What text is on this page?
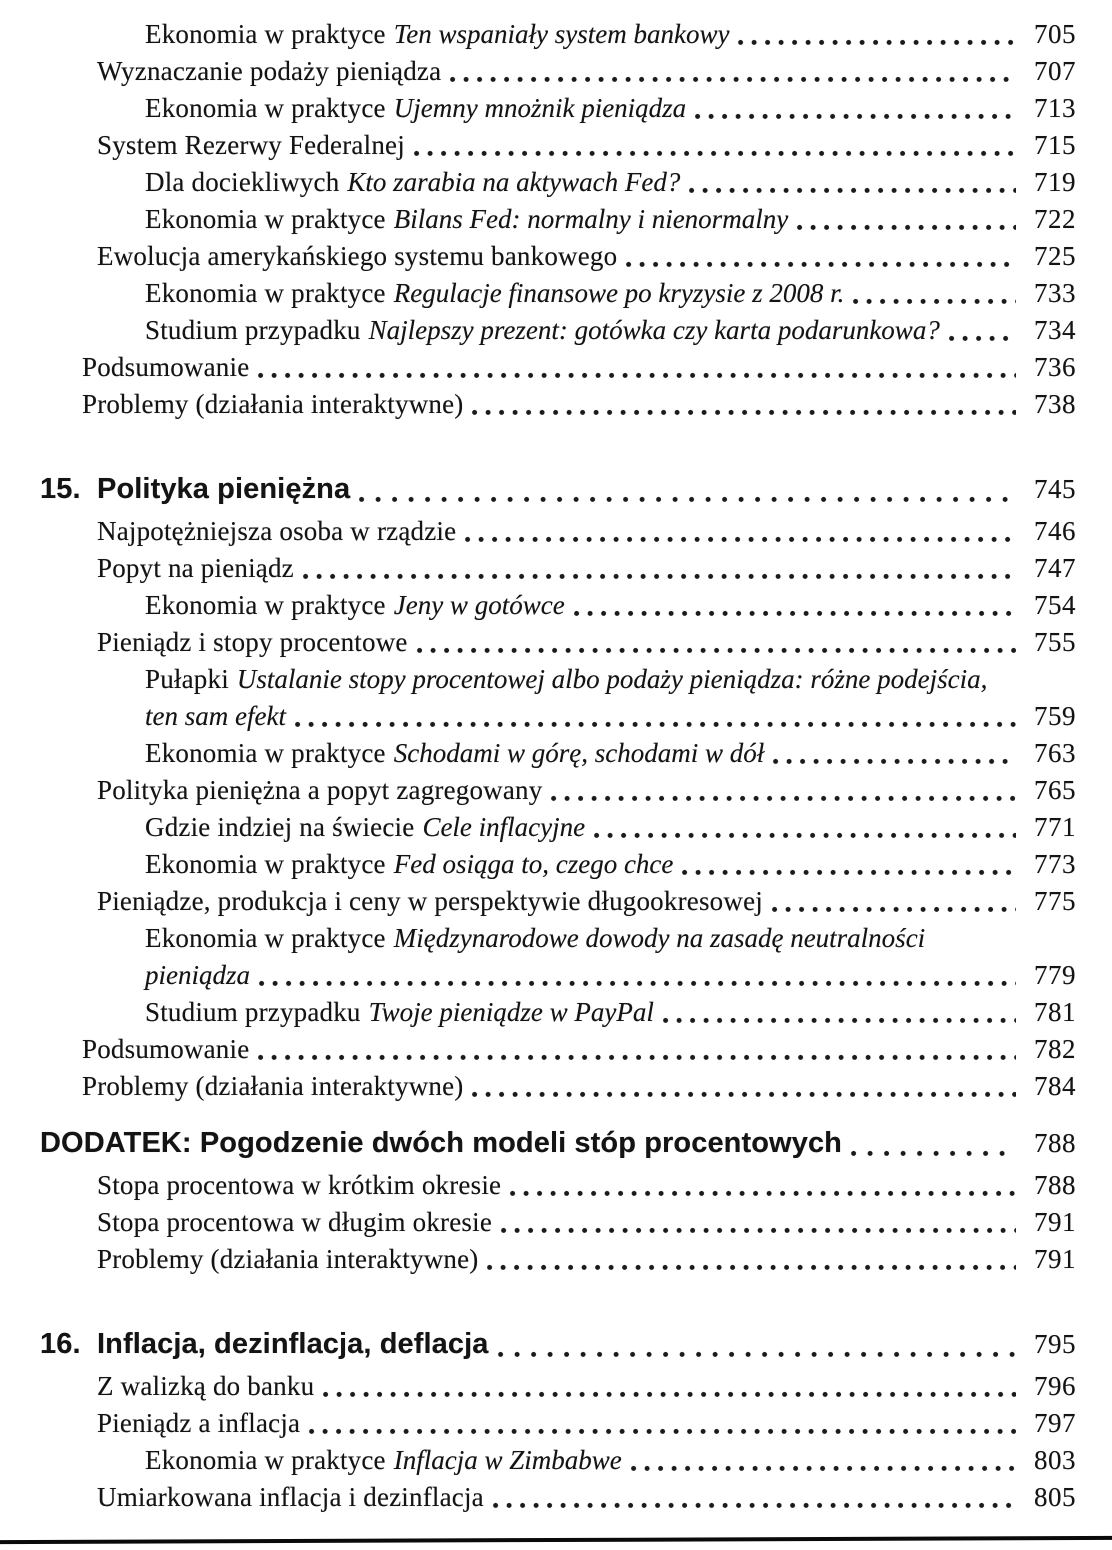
Ekonomia w praktyce Ten wspaniały system bankowy	705
Wyznaczanie podaży pieniądza	707
Ekonomia w praktyce Ujemny mnożnik pieniądza	713
System Rezerwy Federalnej	715
Dla dociekliwych Kto zarabia na aktywach Fed?	719
Ekonomia w praktyce Bilans Fed: normalny i nienormalny	722
Ewolucja amerykańskiego systemu bankowego	725
Ekonomia w praktyce Regulacje finansowe po kryzysie z 2008 r.	733
Studium przypadku Najlepszy prezent: gotówka czy karta podarunkowa?	734
Podsumowanie	736
Problemy (działania interaktywne)	738
15. Polityka pieniężna	745
Najpotężniejsza osoba w rządzie	746
Popyt na pieniądz	747
Ekonomia w praktyce Jeny w gotówce	754
Pieniądz i stopy procentowe	755
Pułapki Ustalanie stopy procentowej albo podaży pieniądza: różne podejścia,
ten sam efekt	759
Ekonomia w praktyce Schodami w górę, schodami w dół	763
Polityka pieniężna a popyt zagregowany	765
Gdzie indziej na świecie Cele inflacyjne	771
Ekonomia w praktyce Fed osiąga to, czego chce	773
Pieniądze, produkcja i ceny w perspektywie długookresowej	775
Ekonomia w praktyce Międzynarodowe dowody na zasadę neutralności
pieniądza	779
Studium przypadku Twoje pieniądze w PayPal	781
Podsumowanie	782
Problemy (działania interaktywne)	784
DODATEK: Pogodzenie dwóch modeli stóp procentowych	788
Stopa procentowa w krótkim okresie	788
Stopa procentowa w długim okresie	791
Problemy (działania interaktywne)	791
16. Inflacja, dezinflacja, deflacja	795
Z walizką do banku	796
Pieniądz a inflacja	797
Ekonomia w praktyce Inflacja w Zimbabwe	803
Umiarkowana inflacja i dezinflacja	805
